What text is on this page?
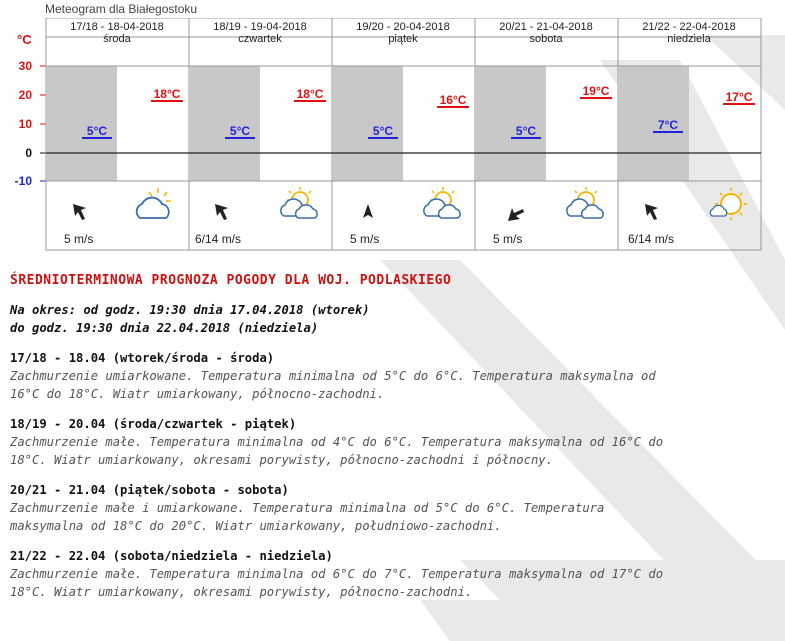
Meteogram dla Białegostoku
°C
30
20
10
0
-10
17/18 - 18-04-2018
środa
5°C
18°C
5 m/s
18/19 - 19-04-2018
czwartek
5°C
18°C
6/14 m/s
19/20 - 20-04-2018
piątek
5°C
16°C
5 m/s
20/21 - 21-04-2018
sobota
5°C
19°C
5 m/s
21/22 - 22-04-2018
niedziela
7°C
17°C
6/14 m/s
ŚREDNIOTERMINOWA PROGNOZA POGODY DLA WOJ. PODLASKIEGO
Na okres: od godz. 19:30 dnia 17.04.2018 (wtorek)
do godz. 19:30 dnia 22.04.2018 (niedziela)
17/18 - 18.04 (wtorek/środa - środa)
Zachmurzenie umiarkowane. Temperatura minimalna od 5°C do 6°C. Temperatura maksymalna od
16°C do 18°C. Wiatr umiarkowany, północno-zachodni.
18/19 - 20.04 (środa/czwartek - piątek)
Zachmurzenie małe. Temperatura minimalna od 4°C do 6°C. Temperatura maksymalna od 16°C do
18°C. Wiatr umiarkowany, okresami porywisty, północno-zachodni i północny.
20/21 - 21.04 (piątek/sobota - sobota)
Zachmurzenie małe i umiarkowane. Temperatura minimalna od 5°C do 6°C. Temperatura
maksymalna od 18°C do 20°C. Wiatr umiarkowany, południowo-zachodni.
21/22 - 22.04 (sobota/niedziela - niedziela)
Zachmurzenie małe. Temperatura minimalna od 6°C do 7°C. Temperatura maksymalna od 17°C do
18°C. Wiatr umiarkowany, okresami porywisty, północno-zachodni.
